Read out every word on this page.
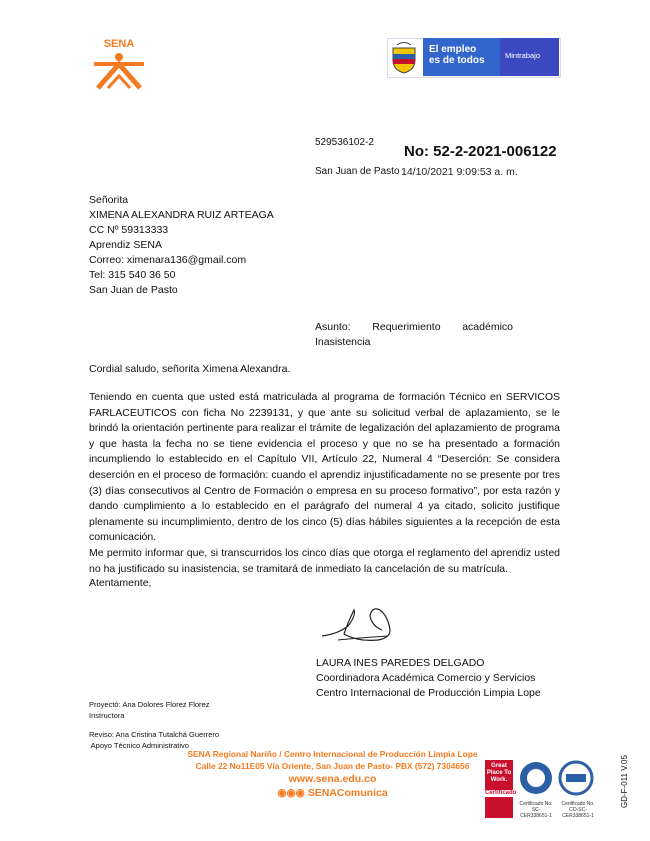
SENA	El empleo
es de todos	Mintrabajo
529536102-2
No: 52-2-2021-006122
San Juan de Pasto 14/10/2021 9:09:53 a. m.
Señorita
XIMENA ALEXANDRA RUIZ ARTEAGA
CC Nº 59313333
Aprendiz SENA
Correo: ximenara136@gmail.com
Tel: 315 540 36 50
San Juan de Pasto
Asunto: Requerimiento académico
Inasistencia
Cordial saludo, señorita Ximena Alexandra.

Teniendo en cuenta que usted está matriculada al programa de formación Técnico en SERVICOS FARLACEUTICOS con ficha No 2239131, y que ante su solicitud verbal de aplazamiento, se le brindó la orientación pertinente para realizar el trámite de legalización del aplazamiento de programa y que hasta la fecha no se tiene evidencia el proceso y que no se ha presentado a formación incumpliendo lo establecido en el Capítulo VII, Artículo 22, Numeral 4 “Deserción: Se considera deserción en el proceso de formación: cuando el aprendiz injustificadamente no se presente por tres (3) días consecutivos al Centro de Formación o empresa en su proceso formativo”, por esta razón y dando cumplimiento a lo establecido en el parágrafo del numeral 4 ya citado, solicito justifique plenamente su incumplimiento, dentro de los cinco (5) días hábiles siguientes a la recepción de esta comunicación.

Me permito informar que, si transcurridos los cinco días que otorga el reglamento del aprendiz usted no ha justificado su inasistencia, se tramitará de inmediato la cancelación de su matrícula.

Atentamente,
LAURA INES PAREDES DELGADO
Coordinadora Académica Comercio y Servicios
Centro Internacional de Producción Limpia Lope
Proyectó: Ana Dolores Florez Florez
Instructora
Reviso: Ana Cristina Tutalchá Guerrero
Apoyo Técnico Administrativo
SENA Regional Nariño / Centro Internacional de Producción Limpia Lope
Calle 22 No11E05 Vía Oriente, San Juan de Pasto- PBX (572) 7304656
www.sena.edu.co
◉◉◉ SENAComunica
Great Place To Work.
Certificado
Certificado No. SC-CER338651-1
Certificado No. CO-SC-CER338651-1
GD-F-011 V.05
